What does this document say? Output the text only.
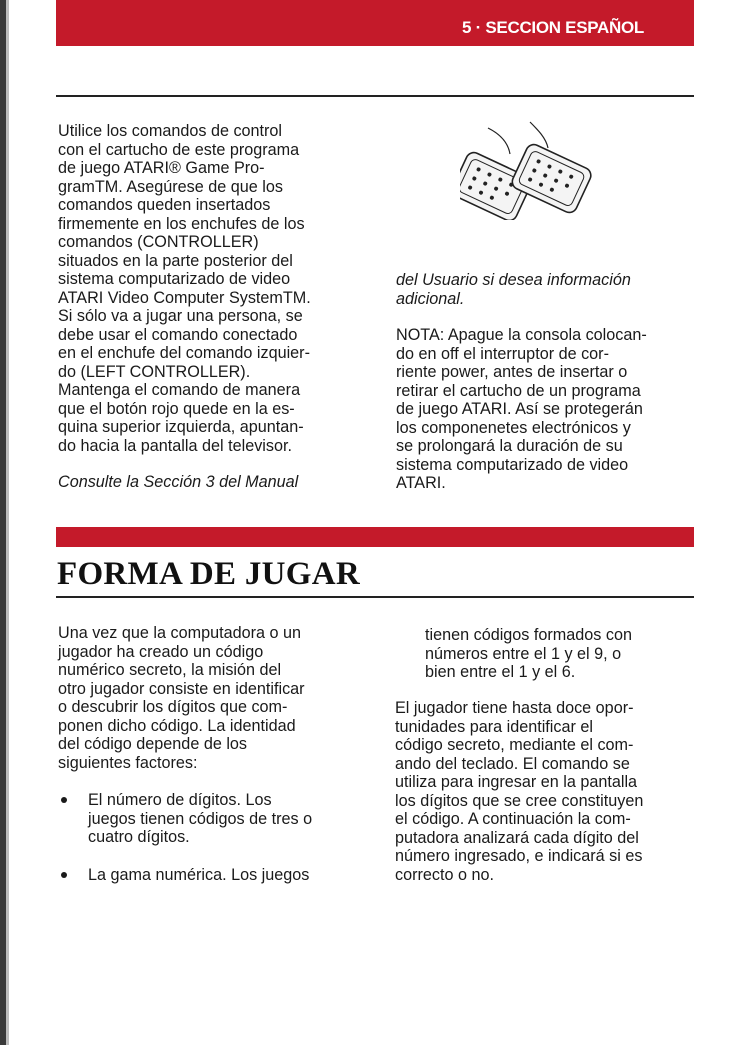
5 · SECCION ESPAÑOL

Utilice los comandos de control

con el cartucho de este programa

de juego ATARI® Game Pro-

gramTM. Asegúrese de que los

comandos queden insertados

firmemente en los enchufes de los

comandos (CONTROLLER)

situados en la parte posterior del

sistema computarizado de video

ATARI Video Computer SystemTM.

Si sólo va a jugar una persona, se

debe usar el comando conectado

en el enchufe del comando izquier-

do (LEFT CONTROLLER).

Mantenga el comando de manera

que el botón rojo quede en la es-

quina superior izquierda, apuntan-

do hacia la pantalla del televisor.

Consulte la Sección 3 del Manual

del Usuario si desea información

adicional.

NOTA: Apague la consola colocan-

do en off el interruptor de cor-

riente power, antes de insertar o

retirar el cartucho de un programa

de juego ATARI. Así se protegerán

los componenetes electrónicos y

se prolongará la duración de su

sistema computarizado de video

ATARI.

FORMA DE JUGAR

Una vez que la computadora o un

jugador ha creado un código

numérico secreto, la misión del

otro jugador consiste en identificar

o descubrir los dígitos que com-

ponen dicho código. La identidad

del código depende de los

siguientes factores:

El número de dígitos. Los

juegos tienen códigos de tres o

cuatro dígitos.

La gama numérica. Los juegos

tienen códigos formados con

números entre el 1 y el 9, o

bien entre el 1 y el 6.

El jugador tiene hasta doce opor-

tunidades para identificar el

código secreto, mediante el com-

ando del teclado. El comando se

utiliza para ingresar en la pantalla

los dígitos que se cree constituyen

el código. A continuación la com-

putadora analizará cada dígito del

número ingresado, e indicará si es

correcto o no.
